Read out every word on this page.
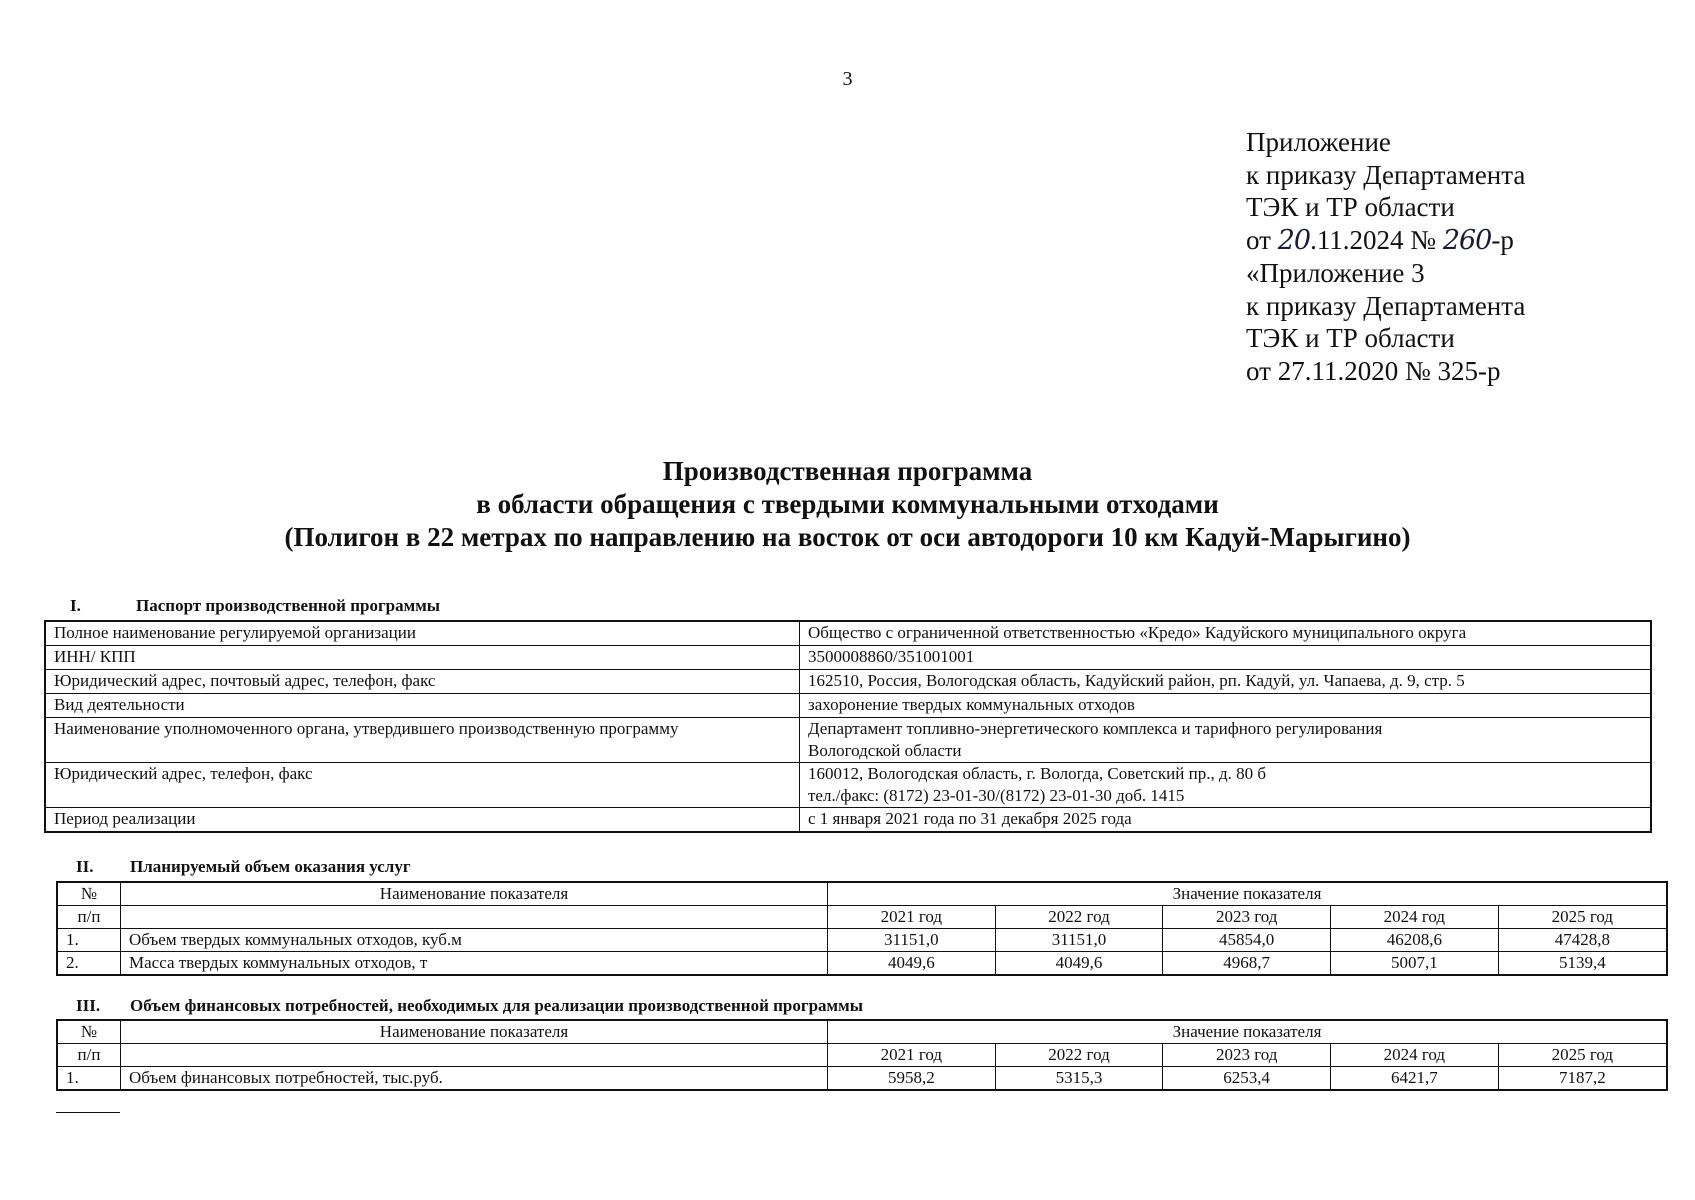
3
Приложение
к приказу Департамента
ТЭК и ТР области
от 20.11.2024 № 260-р
«Приложение 3
к приказу Департамента
ТЭК и ТР области
от 27.11.2020 № 325-р
Производственная программа
в области обращения с твердыми коммунальными отходами
(Полигон в 22 метрах по направлению на восток от оси автодороги 10 км Кадуй-Марыгино)
I.	Паспорт производственной программы
Полное наименование регулируемой организации	Общество с ограниченной ответственностью «Кредо» Кадуйского муниципального округа

ИНН/ КПП	3500008860/351001001

Юридический адрес, почтовый адрес, телефон, факс	162510, Россия, Вологодская область, Кадуйский район, рп. Кадуй, ул. Чапаева, д. 9, стр. 5

Вид деятельности	захоронение твердых коммунальных отходов

Наименование уполномоченного органа, утвердившего производственную программу	Департамент топливно-энергетического комплекса и тарифного регулирования
Вологодской области

Юридический адрес, телефон, факс	160012, Вологодская область, г. Вологда, Советский пр., д. 80 б
тел./факс: (8172) 23-01-30/(8172) 23-01-30 доб. 1415

Период реализации	с 1 января 2021 года по 31 декабря 2025 года
II. Планируемый объем оказания услуг
№	Наименование показателя	Значение показателя				
п/п		2021 год	2022 год	2023 год	2024 год	2025 год
1.	Объем твердых коммунальных отходов, куб.м	31151,0	31151,0	45854,0	46208,6	47428,8
2.	Масса твердых коммунальных отходов, т	4049,6	4049,6	4968,7	5007,1	5139,4
III. Объем финансовых потребностей, необходимых для реализации производственной программы
№	Наименование показателя	Значение показателя				
п/п		2021 год	2022 год	2023 год	2024 год	2025 год
1.	Объем финансовых потребностей, тыс.руб.	5958,2	5315,3	6253,4	6421,7	7187,2
